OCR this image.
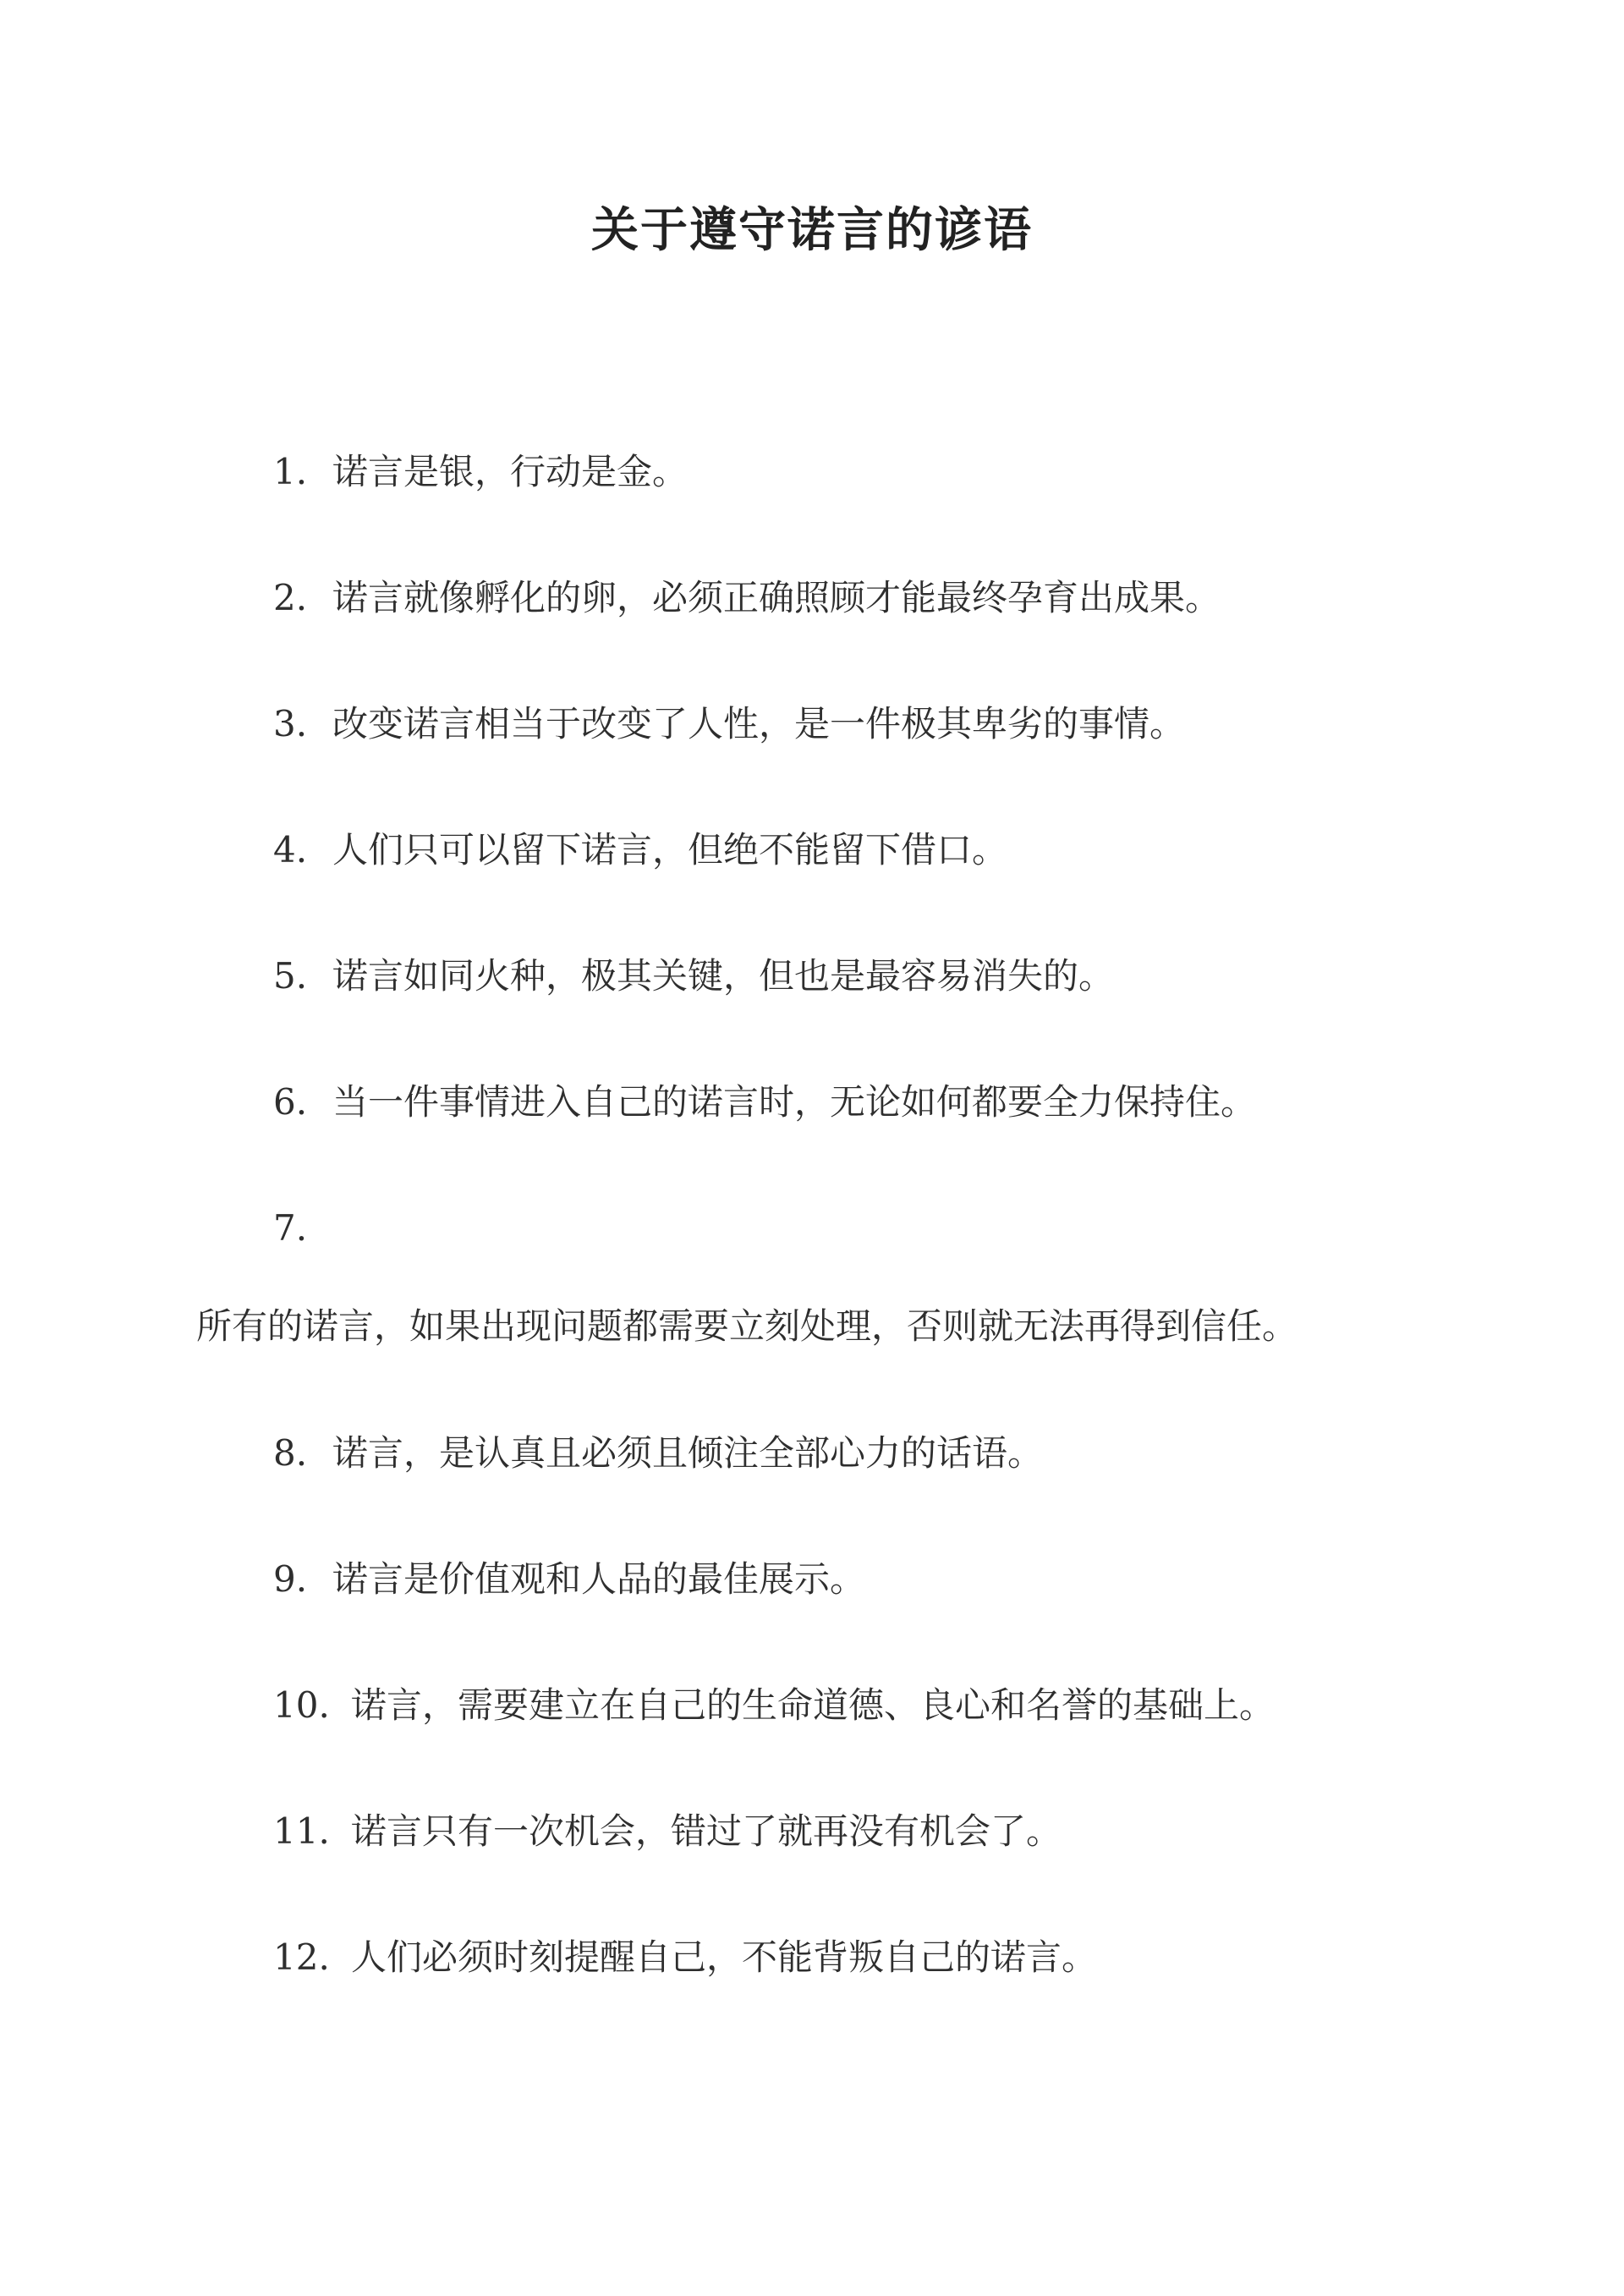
关于遵守诺言的谚语
1. 诺言是银，行动是金。
2. 诺言就像孵化的卵，必须正确照顾才能最终孕育出成果。
3. 改变诺言相当于改变了人性，是一件极其卑劣的事情。
4. 人们只可以留下诺言，但绝不能留下借口。
5. 诺言如同火种，极其关键，但也是最容易消失的。
6. 当一件事情进入自己的诺言时，无论如何都要全力保持住。
7.
所有的诺言，如果出现问题都需要立刻处理，否则就无法再得到信任。
8. 诺言，是认真且必须且倾注全部心力的话语。
9. 诺言是价值观和人品的最佳展示。
10. 诺言，需要建立在自己的生命道德、良心和名誉的基础上。
11. 诺言只有一次机会，错过了就再没有机会了。
12. 人们必须时刻提醒自己，不能背叛自己的诺言。
